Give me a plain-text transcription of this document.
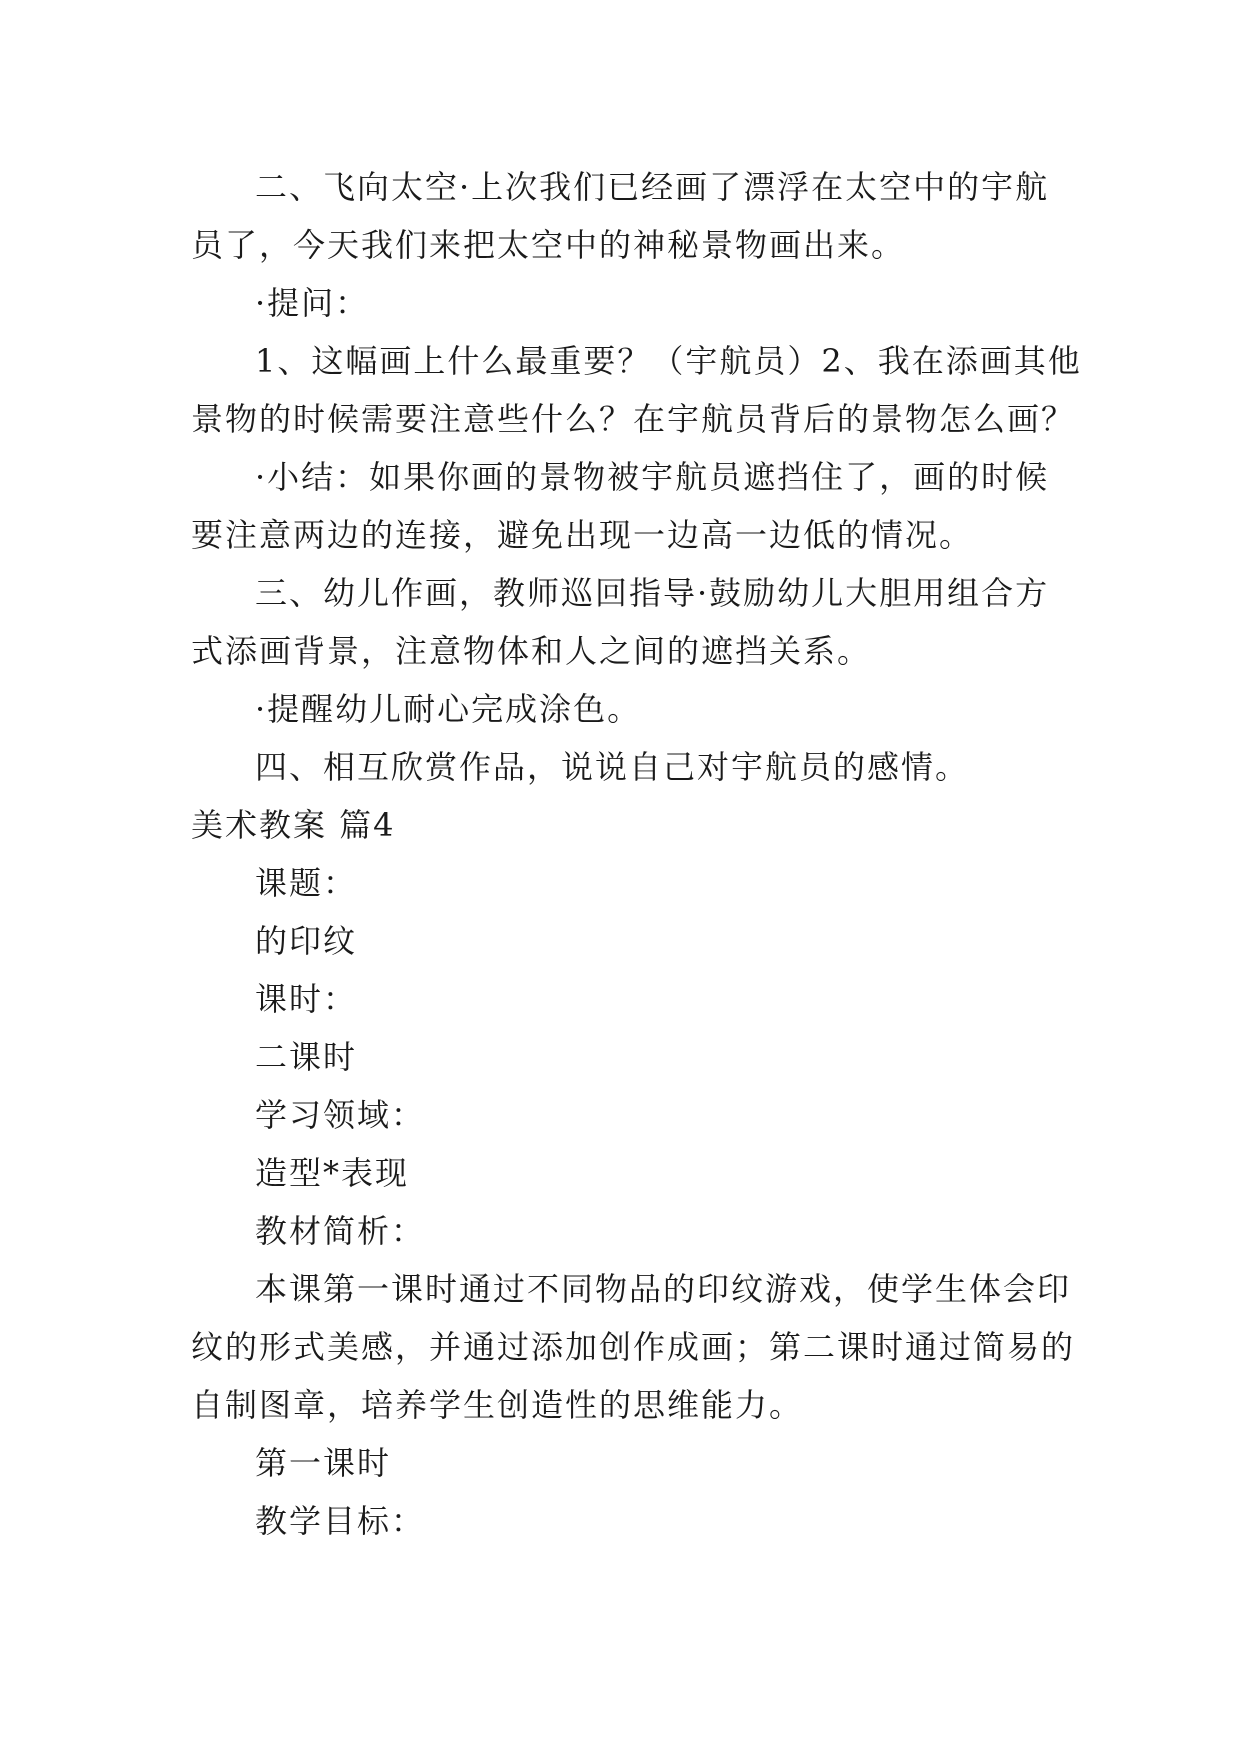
二、飞向太空·上次我们已经画了漂浮在太空中的宇航
员了，今天我们来把太空中的神秘景物画出来。

·提问：

1、这幅画上什么最重要？（宇航员）2、我在添画其他
景物的时候需要注意些什么？在宇航员背后的景物怎么画？

·小结：如果你画的景物被宇航员遮挡住了，画的时候
要注意两边的连接，避免出现一边高一边低的情况。

三、幼儿作画，教师巡回指导·鼓励幼儿大胆用组合方
式添画背景，注意物体和人之间的遮挡关系。

·提醒幼儿耐心完成涂色。

四、相互欣赏作品，说说自己对宇航员的感情。

美术教案 篇4

课题：

的印纹

课时：

二课时

学习领域：

造型*表现

教材简析：

本课第一课时通过不同物品的印纹游戏，使学生体会印
纹的形式美感，并通过添加创作成画；第二课时通过简易的
自制图章，培养学生创造性的思维能力。

第一课时

教学目标：
